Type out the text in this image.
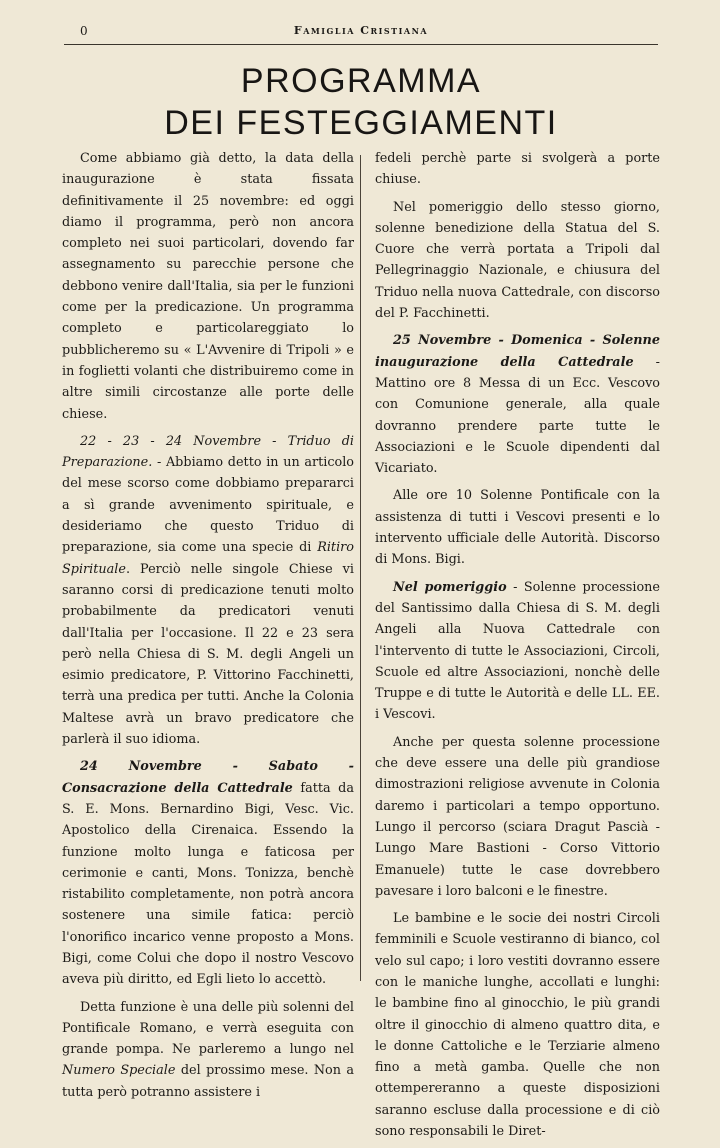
0	Famiglia Cristiana
PROGRAMMA
DEI FESTEGGIAMENTI

Come abbiamo già detto, la data della inaugurazione è stata fissata definitivamente il 25 novembre: ed oggi diamo il programma, però non ancora completo nei suoi particolari, dovendo far assegnamento su parecchie persone che debbono venire dall'Italia, sia per le funzioni come per la predicazione. Un programma completo e particolareggiato lo pubblicheremo su « L'Avvenire di Tripoli » e in foglietti volanti che distribuiremo come in altre simili circostanze alle porte delle chiese.

22 - 23 - 24 Novembre - Triduo di Preparazione. - Abbiamo detto in un articolo del mese scorso come dobbiamo prepararci a sì grande avvenimento spirituale, e desideriamo che questo Triduo di preparazione, sia come una specie di Ritiro Spirituale. Perciò nelle singole Chiese vi saranno corsi di predicazione tenuti molto probabilmente da predicatori venuti dall'Italia per l'occasione. Il 22 e 23 sera però nella Chiesa di S. M. degli Angeli un esimio predicatore, P. Vittorino Facchinetti, terrà una predica per tutti. Anche la Colonia Maltese avrà un bravo predicatore che parlerà il suo idioma.

24 Novembre - Sabato - Consacrazione della Cattedrale fatta da S. E. Mons. Bernardino Bigi, Vesc. Vic. Apostolico della Cirenaica. Essendo la funzione molto lunga e faticosa per cerimonie e canti, Mons. Tonizza, benchè ristabilito completamente, non potrà ancora sostenere una simile fatica: perciò l'onorifico incarico venne proposto a Mons. Bigi, come Colui che dopo il nostro Vescovo aveva più diritto, ed Egli lieto lo accettò.

Detta funzione è una delle più solenni del Pontificale Romano, e verrà eseguita con grande pompa. Ne parleremo a lungo nel Numero Speciale del prossimo mese. Non a tutta però potranno assistere i

fedeli perchè parte si svolgerà a porte chiuse.

Nel pomeriggio dello stesso giorno, solenne benedizione della Statua del S. Cuore che verrà portata a Tripoli dal Pellegrinaggio Nazionale, e chiusura del Triduo nella nuova Cattedrale, con discorso del P. Facchinetti.

25 Novembre - Domenica - Solenne inaugurazione della Cattedrale - Mattino ore 8 Messa di un Ecc. Vescovo con Comunione generale, alla quale dovranno prendere parte tutte le Associazioni e le Scuole dipendenti dal Vicariato.

Alle ore 10 Solenne Pontificale con la assistenza di tutti i Vescovi presenti e lo intervento ufficiale delle Autorità. Discorso di Mons. Bigi.

Nel pomeriggio - Solenne processione del Santissimo dalla Chiesa di S. M. degli Angeli alla Nuova Cattedrale con l'intervento di tutte le Associazioni, Circoli, Scuole ed altre Associazioni, nonchè delle Truppe e di tutte le Autorità e delle LL. EE. i Vescovi.

Anche per questa solenne processione che deve essere una delle più grandiose dimostrazioni religiose avvenute in Colonia daremo i particolari a tempo opportuno. Lungo il percorso (sciara Dragut Pascià - Lungo Mare Bastioni - Corso Vittorio Emanuele) tutte le case dovrebbero pavesare i loro balconi e le finestre.

Le bambine e le socie dei nostri Circoli femminili e Scuole vestiranno di bianco, col velo sul capo; i loro vestiti dovranno essere con le maniche lunghe, accollati e lunghi: le bambine fino al ginocchio, le più grandi oltre il ginocchio di almeno quattro dita, e le donne Cattoliche e le Terziarie almeno fino a metà gamba. Quelle che non ottempereranno a queste disposizioni saranno escluse dalla processione e di ciò sono responsabili le Diret-
